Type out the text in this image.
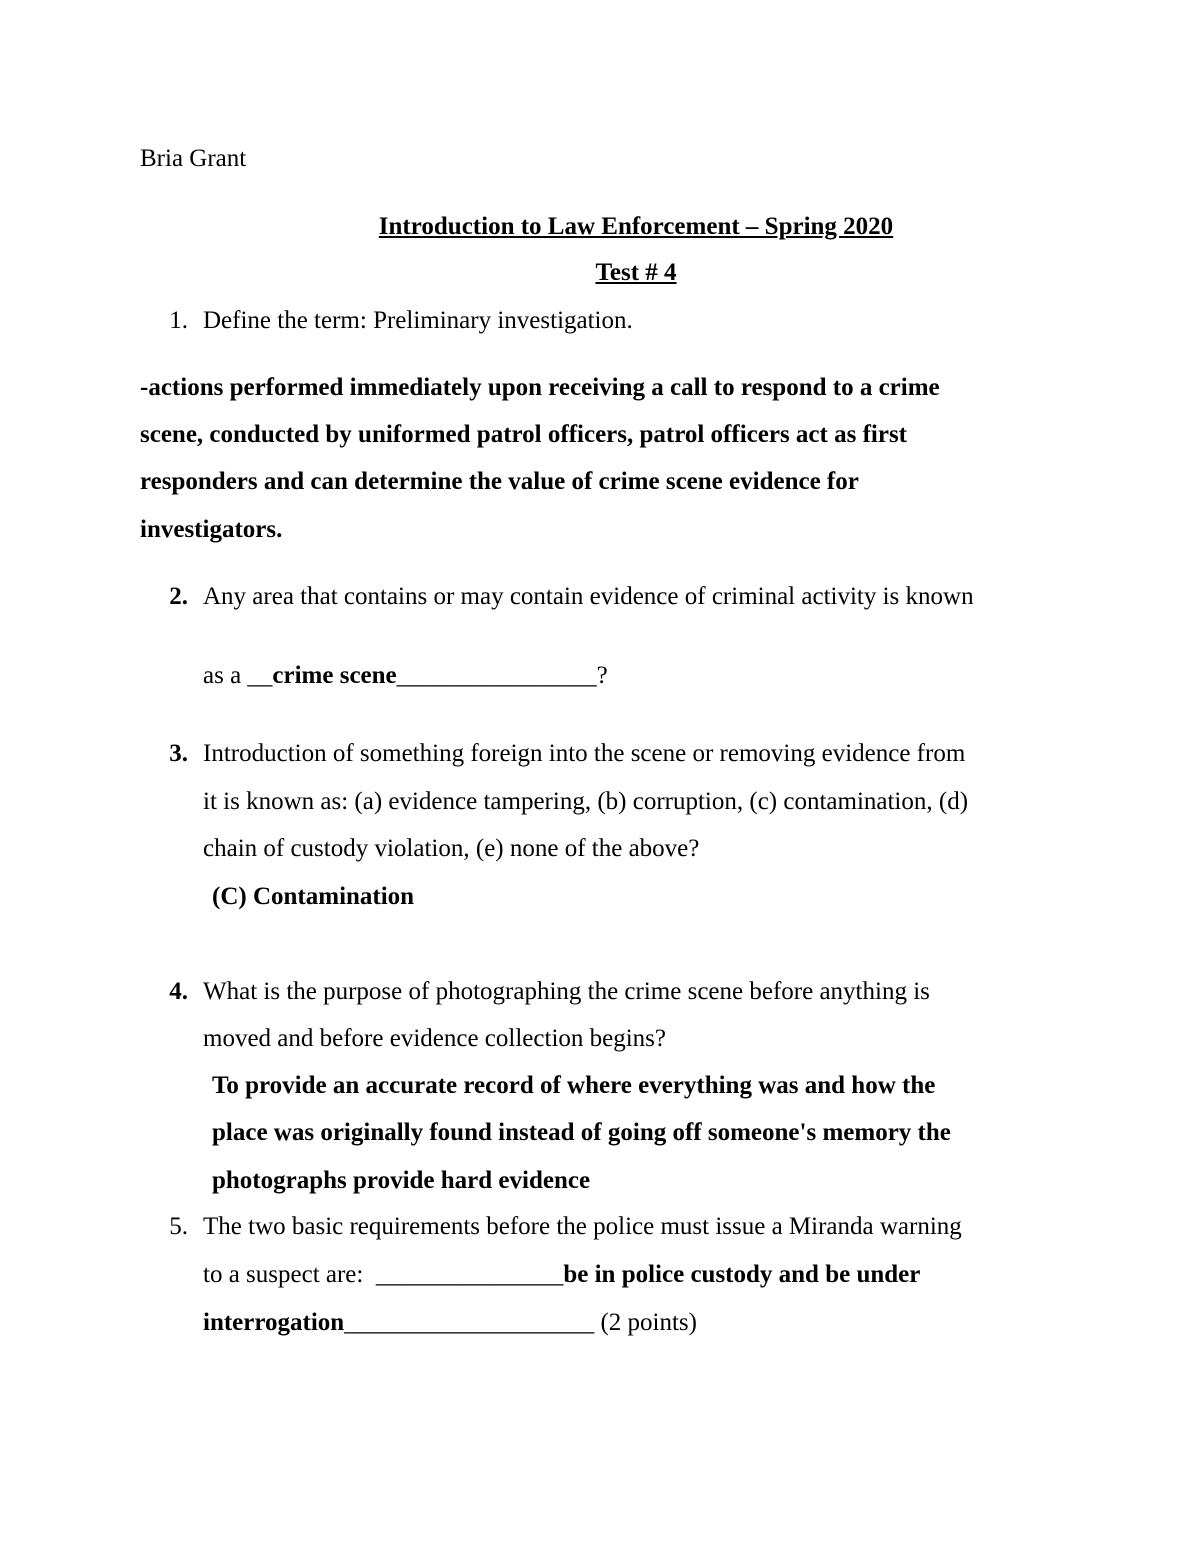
Bria Grant
Introduction to Law Enforcement – Spring 2020
Test # 4
1. Define the term: Preliminary investigation.
-actions performed immediately upon receiving a call to respond to a crime
scene, conducted by uniformed patrol officers, patrol officers act as first
responders and can determine the value of crime scene evidence for
investigators.
2. Any area that contains or may contain evidence of criminal activity is known
as a __crime scene________________?
3. Introduction of something foreign into the scene or removing evidence from
it is known as: (a) evidence tampering, (b) corruption, (c) contamination, (d)
chain of custody violation, (e) none of the above?
(C) Contamination
4. What is the purpose of photographing the crime scene before anything is
moved and before evidence collection begins?
To provide an accurate record of where everything was and how the
place was originally found instead of going off someone's memory the
photographs provide hard evidence
5. The two basic requirements before the police must issue a Miranda warning
to a suspect are:  _______________be in police custody and be under
interrogation____________________ (2 points)
